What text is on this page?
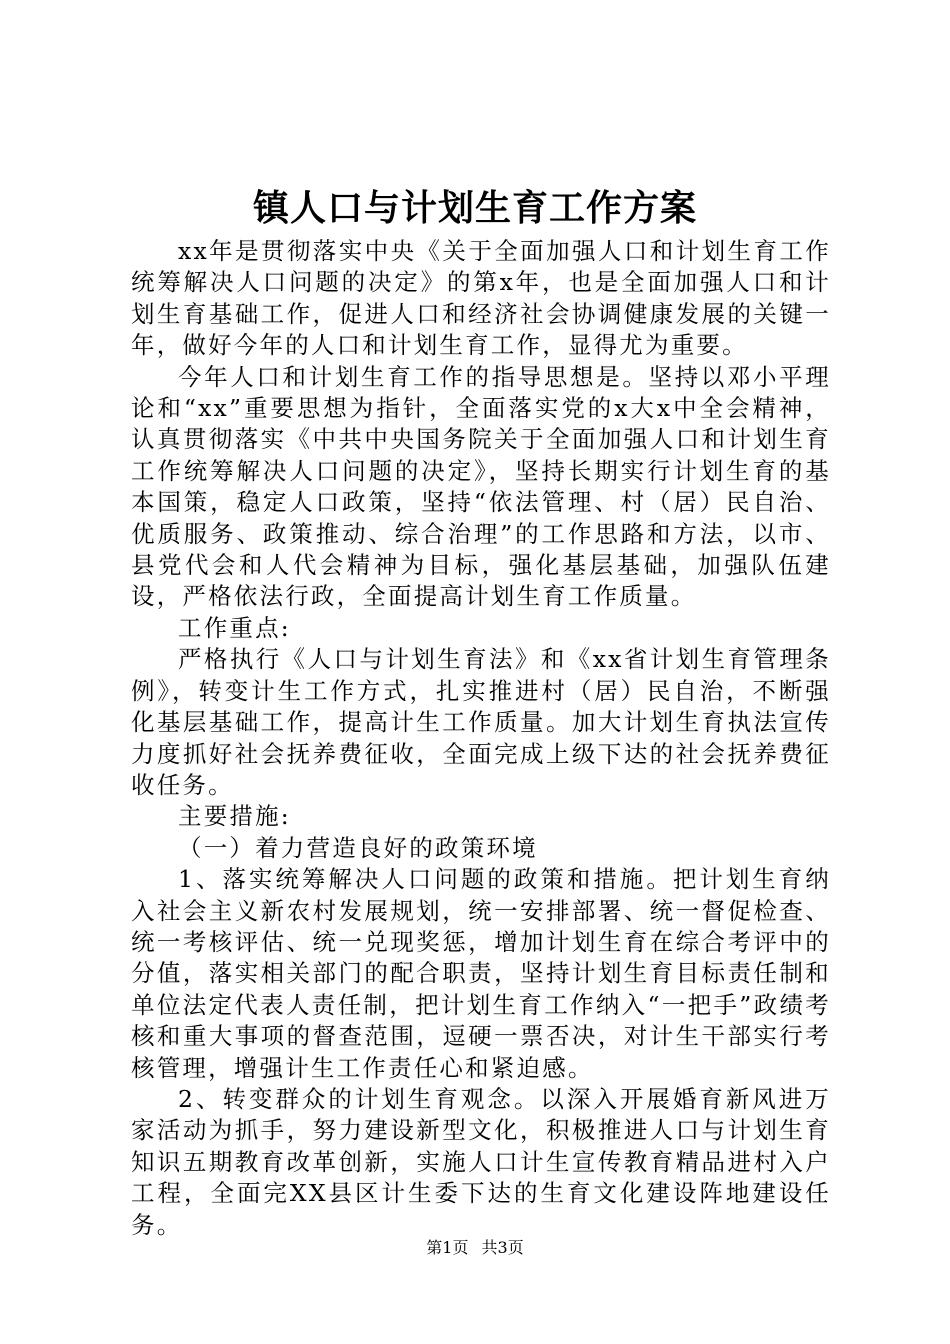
镇人口与计划生育工作方案

xx年是贯彻落实中央《关于全面加强人口和计划生育工作统筹解决人口问题的决定》的第x年，也是全面加强人口和计划生育基础工作，促进人口和经济社会协调健康发展的关键一年，做好今年的人口和计划生育工作，显得尤为重要。

今年人口和计划生育工作的指导思想是。坚持以邓小平理论和“xx”重要思想为指针，全面落实党的x大x中全会精神，认真贯彻落实《中共中央国务院关于全面加强人口和计划生育工作统筹解决人口问题的决定》，坚持长期实行计划生育的基本国策，稳定人口政策，坚持“依法管理、村（居）民自治、优质服务、政策推动、综合治理”的工作思路和方法，以市、县党代会和人代会精神为目标，强化基层基础，加强队伍建设，严格依法行政，全面提高计划生育工作质量。

工作重点:

严格执行《人口与计划生育法》和《xx省计划生育管理条例》，转变计生工作方式，扎实推进村（居）民自治，不断强化基层基础工作，提高计生工作质量。加大计划生育执法宣传力度抓好社会抚养费征收，全面完成上级下达的社会抚养费征收任务。

主要措施:

（一）着力营造良好的政策环境

1、落实统筹解决人口问题的政策和措施。把计划生育纳入社会主义新农村发展规划，统一安排部署、统一督促检查、统一考核评估、统一兑现奖惩，增加计划生育在综合考评中的分值，落实相关部门的配合职责，坚持计划生育目标责任制和单位法定代表人责任制，把计划生育工作纳入“一把手”政绩考核和重大事项的督查范围，逗硬一票否决，对计生干部实行考核管理，增强计生工作责任心和紧迫感。

2、转变群众的计划生育观念。以深入开展婚育新风进万家活动为抓手，努力建设新型文化，积极推进人口与计划生育知识五期教育改革创新，实施人口计生宣传教育精品进村入户工程，全面完XX县区计生委下达的生育文化建设阵地建设任务。

第1页 共3页
